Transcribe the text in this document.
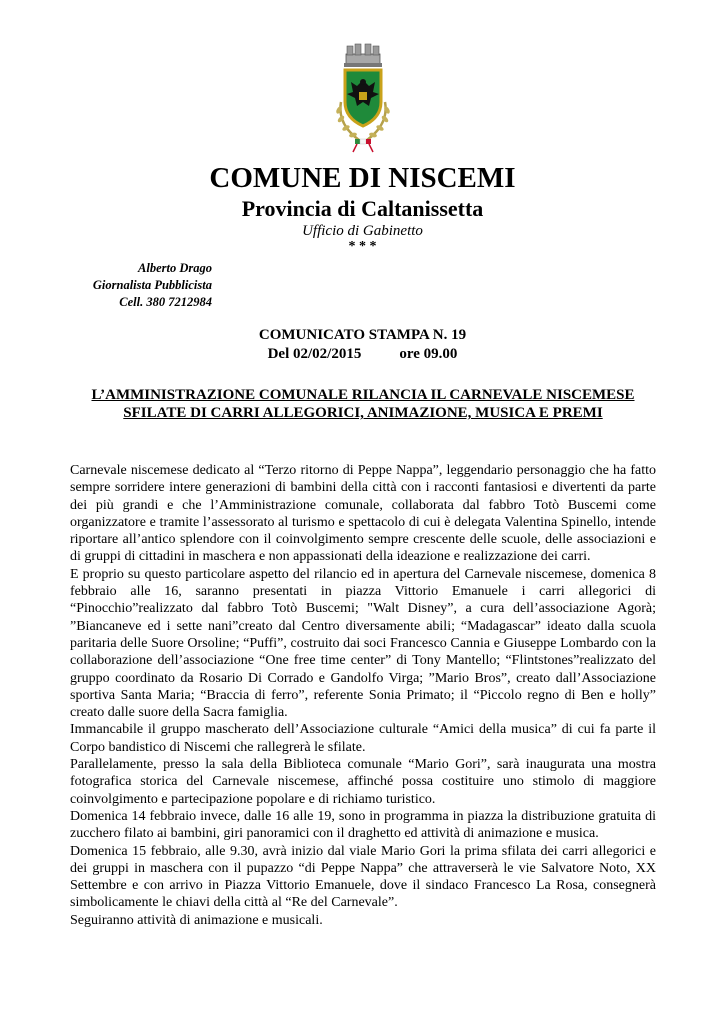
COMUNE DI NISCEMI
Provincia di Caltanissetta
Ufficio di Gabinetto
* * *
Alberto Drago
Giornalista Pubblicista
Cell. 380 7212984
COMUNICATO STAMPA N. 19
Del 02/02/2015	ore 09.00
L’AMMINISTRAZIONE COMUNALE RILANCIA IL CARNEVALE NISCEMESE
SFILATE DI CARRI ALLEGORICI, ANIMAZIONE, MUSICA E PREMI

Carnevale niscemese dedicato al “Terzo ritorno di Peppe Nappa”, leggendario personaggio che ha fatto sempre sorridere intere generazioni di bambini della città con i racconti fantasiosi e divertenti da parte dei più grandi e che l’Amministrazione comunale, collaborata dal fabbro Totò Buscemi come organizzatore e tramite l’assessorato al turismo e spettacolo di cui è delegata Valentina Spinello, intende riportare all’antico splendore con il coinvolgimento sempre crescente delle scuole, delle associazioni e di gruppi di cittadini in maschera e non appassionati della ideazione e realizzazione dei carri.

E proprio su questo particolare aspetto del rilancio ed in apertura del Carnevale niscemese, domenica 8 febbraio alle 16, saranno presentati in piazza Vittorio Emanuele i carri allegorici di “Pinocchio”realizzato dal fabbro Totò Buscemi; "Walt Disney”, a cura dell’associazione Agorà; ”Biancaneve ed i sette nani”creato dal Centro diversamente abili; “Madagascar” ideato dalla scuola paritaria delle Suore Orsoline; “Puffi”, costruito dai soci Francesco Cannia e Giuseppe Lombardo con la collaborazione dell’associazione “One free time center” di Tony Mantello; “Flintstones”realizzato del gruppo coordinato da Rosario Di Corrado e Gandolfo Virga; ”Mario Bros”, creato dall’Associazione sportiva Santa Maria; “Braccia di ferro”, referente Sonia Primato; il “Piccolo regno di Ben e holly” creato dalle suore della Sacra famiglia.

Immancabile il gruppo mascherato dell’Associazione culturale “Amici della musica” di cui fa parte il Corpo bandistico di Niscemi che rallegrerà le sfilate.

Parallelamente, presso la sala della Biblioteca comunale “Mario Gori”, sarà inaugurata una mostra fotografica storica del Carnevale niscemese, affinché possa costituire uno stimolo di maggiore coinvolgimento e partecipazione popolare e di richiamo turistico.

Domenica 14 febbraio invece, dalle 16 alle 19, sono in programma in piazza la distribuzione gratuita di zucchero filato ai bambini, giri panoramici con il draghetto ed attività di animazione e musica.

Domenica 15 febbraio, alle 9.30, avrà inizio dal viale Mario Gori la prima sfilata dei carri allegorici e dei gruppi in maschera con il pupazzo “di Peppe Nappa” che attraverserà le vie Salvatore Noto, XX Settembre e con arrivo in Piazza Vittorio Emanuele, dove il sindaco Francesco La Rosa, consegnerà simbolicamente le chiavi della città al “Re del Carnevale”.

Seguiranno attività di animazione e musicali.
